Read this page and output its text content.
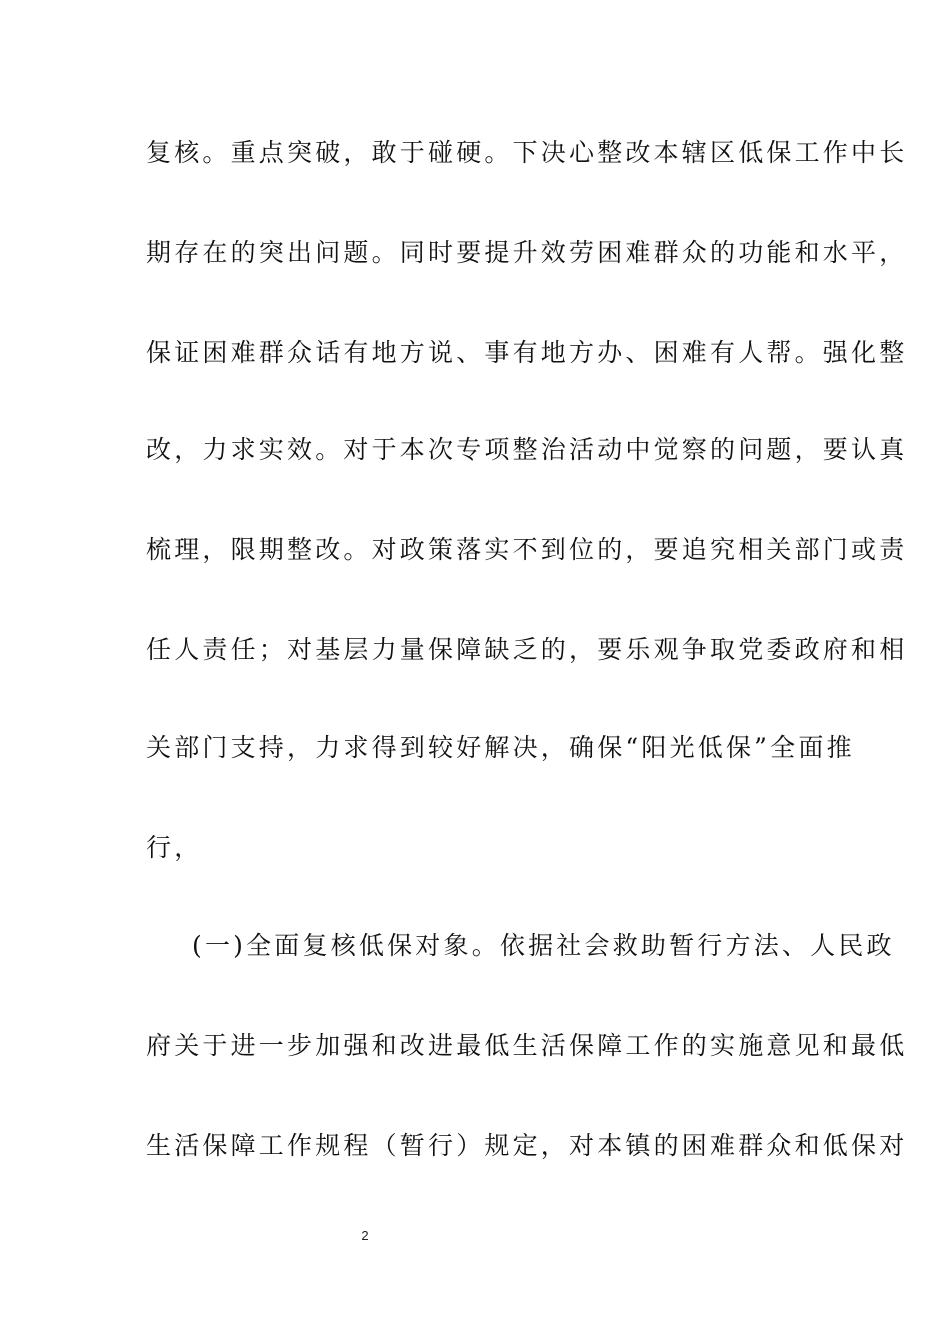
复核。重点突破，敢于碰硬。下决心整改本辖区低保工作中长
期存在的突出问题。同时要提升效劳困难群众的功能和水平，
保证困难群众话有地方说、事有地方办、困难有人帮。强化整
改，力求实效。对于本次专项整治活动中觉察的问题，要认真
梳理，限期整改。对政策落实不到位的，要追究相关部门或责
任人责任；对基层力量保障缺乏的，要乐观争取党委政府和相
关部门支持，力求得到较好解决，确保“阳光低保”全面推
行，
(一)全面复核低保对象。依据社会救助暂行方法、人民政
府关于进一步加强和改进最低生活保障工作的实施意见和最低
生活保障工作规程（暂行）规定，对本镇的困难群众和低保对
2
